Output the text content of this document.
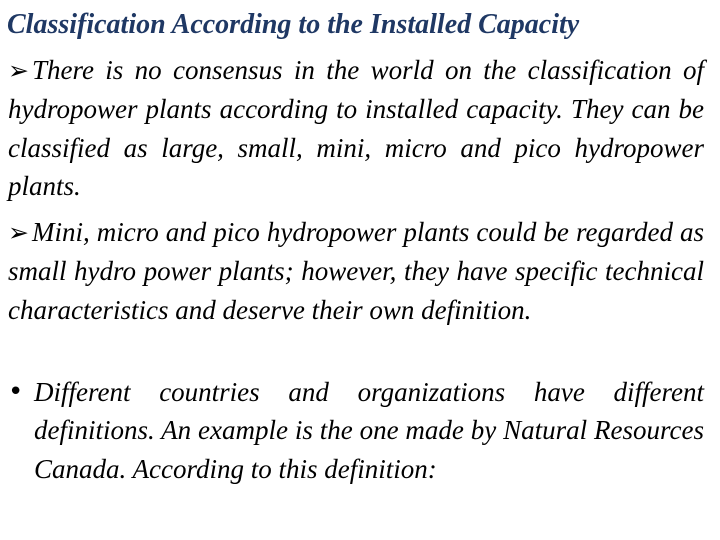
Classification According to the Installed Capacity

➢ There is no consensus in the world on the classification of hydropower plants according to installed capacity. They can be classified as large, small, mini, micro and pico hydropower plants.

➢ Mini, micro and pico hydropower plants could be regarded as small hydro power plants; however, they have specific technical characteristics and deserve their own definition.

• Different countries and organizations have different definitions. An example is the one made by Natural Resources Canada. According to this definition:
